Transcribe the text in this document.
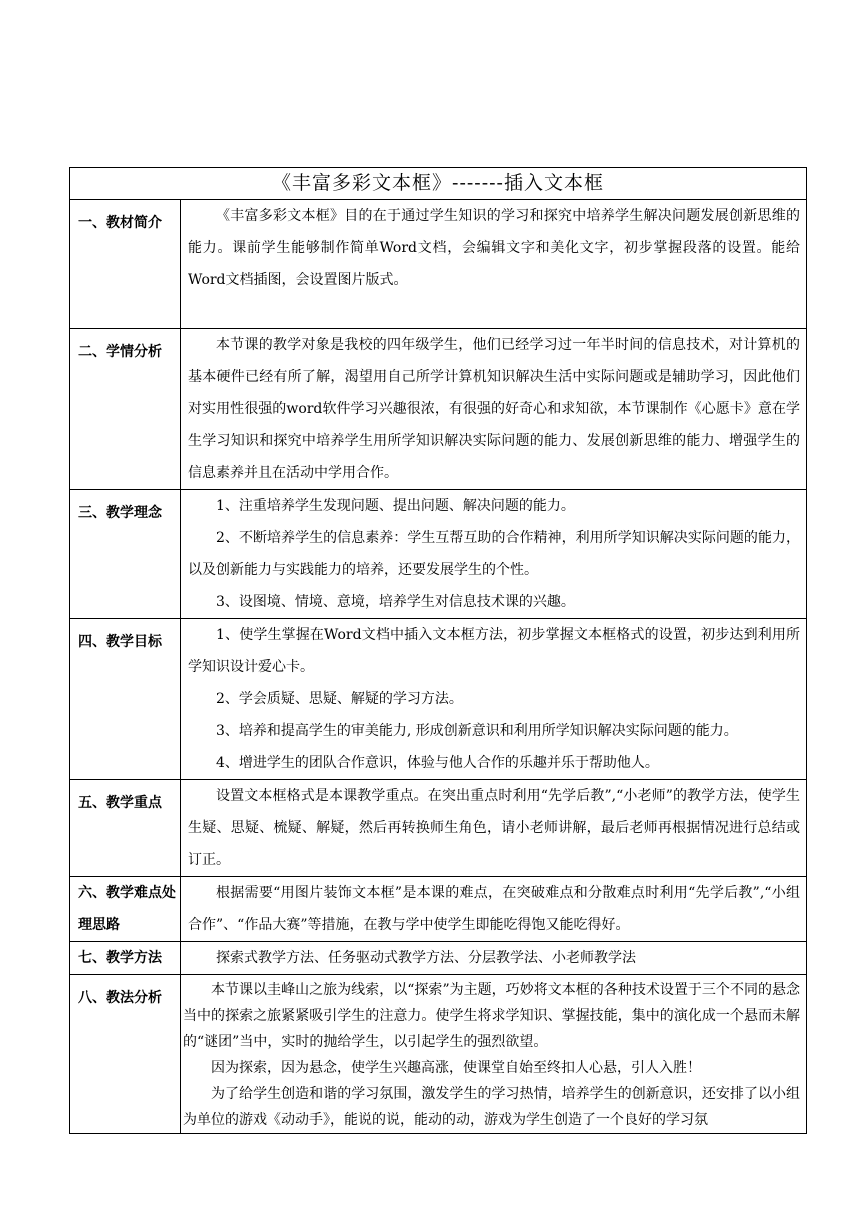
《丰富多彩文本框》-------插入文本框	
一、教材简介	《丰富多彩文本框》目的在于通过学生知识的学习和探究中培养学生解决问题发展创新思维的能力。课前学生能够制作简单Word文档，会编辑文字和美化文字，初步掌握段落的设置。能给Word文档插图，会设置图片版式。

二、学情分析	本节课的教学对象是我校的四年级学生，他们已经学习过一年半时间的信息技术，对计算机的基本硬件已经有所了解，渴望用自己所学计算机知识解决生活中实际问题或是辅助学习，因此他们对实用性很强的word软件学习兴趣很浓，有很强的好奇心和求知欲，本节课制作《心愿卡》意在学生学习知识和探究中培养学生用所学知识解决实际问题的能力、发展创新思维的能力、增强学生的信息素养并且在活动中学用合作。

三、教学理念	1、注重培养学生发现问题、提出问题、解决问题的能力。

2、不断培养学生的信息素养：学生互帮互助的合作精神，利用所学知识解决实际问题的能力，以及创新能力与实践能力的培养，还要发展学生的个性。

3、设图境、情境、意境，培养学生对信息技术课的兴趣。

四、教学目标	1、使学生掌握在Word文档中插入文本框方法，初步掌握文本框格式的设置，初步达到利用所学知识设计爱心卡。

2、学会质疑、思疑、解疑的学习方法。

3、培养和提高学生的审美能力, 形成创新意识和利用所学知识解决实际问题的能力。

4、增进学生的团队合作意识，体验与他人合作的乐趣并乐于帮助他人。

五、教学重点	设置文本框格式是本课教学重点。在突出重点时利用“先学后教”,“小老师”的教学方法，使学生生疑、思疑、梳疑、解疑，然后再转换师生角色，请小老师讲解，最后老师再根据情况进行总结或订正。

六、教学难点处理思路	根据需要“用图片装饰文本框”是本课的难点，在突破难点和分散难点时利用“先学后教”,“小组合作”、“作品大赛”等措施，在教与学中使学生即能吃得饱又能吃得好。

七、教学方法	探索式教学方法、任务驱动式教学方法、分层教学法、小老师教学法

八、教法分析	本节课以圭峰山之旅为线索，以“探索”为主题，巧妙将文本框的各种技术设置于三个不同的悬念当中的探索之旅紧紧吸引学生的注意力。使学生将求学知识、掌握技能，集中的演化成一个悬而未解的“谜团”当中，实时的抛给学生，以引起学生的强烈欲望。

因为探索，因为悬念，使学生兴趣高涨，使课堂自始至终扣人心悬，引人入胜！

为了给学生创造和谐的学习氛围，激发学生的学习热情，培养学生的创新意识，还安排了以小组为单位的游戏《动动手》，能说的说，能动的动，游戏为学生创造了一个良好的学习氛
